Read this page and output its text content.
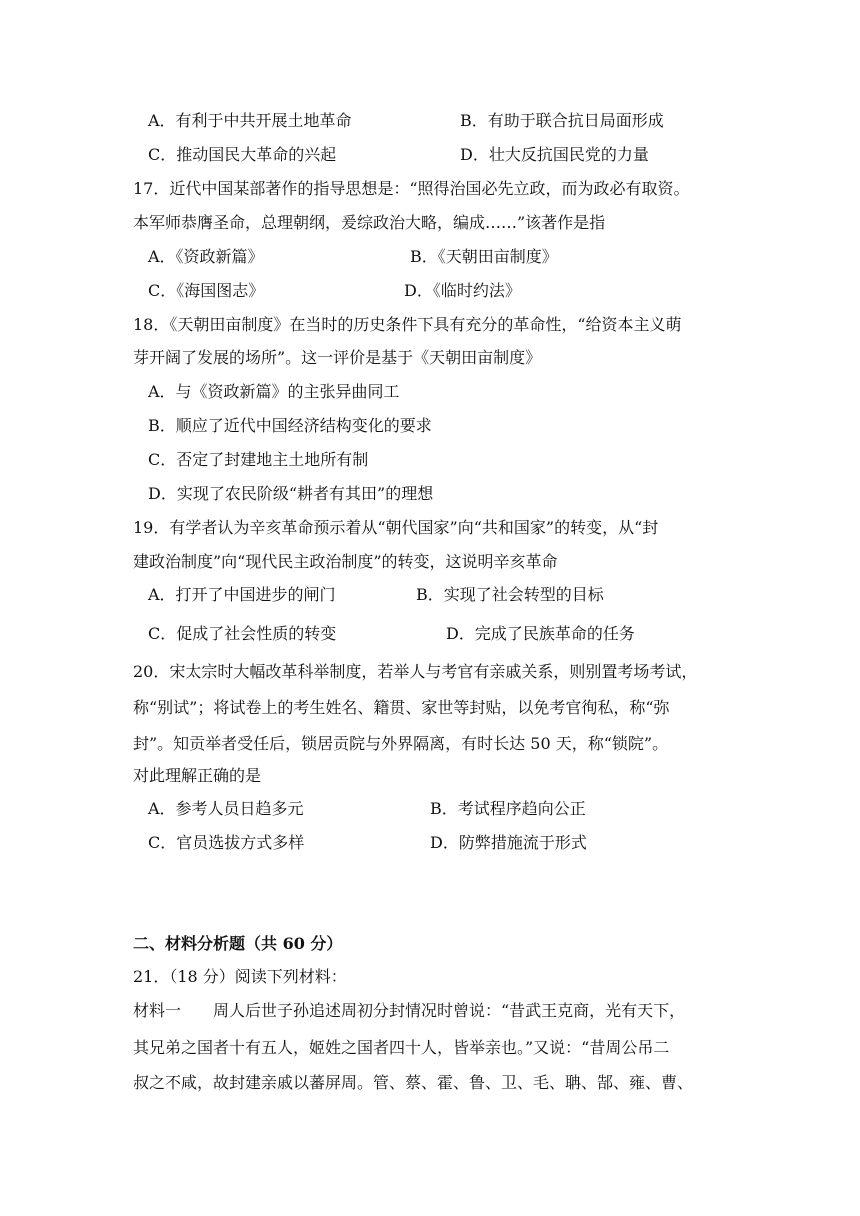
A．有利于中共开展土地革命	B．有助于联合抗日局面形成
C．推动国民大革命的兴起	D．壮大反抗国民党的力量
17．近代中国某部著作的指导思想是：“照得治国必先立政，而为政必有取资。
本军师恭膺圣命，总理朝纲，爰综政治大略，编成……”该著作是指
A．《资政新篇》	B．《天朝田亩制度》
C．《海国图志》	D．《临时约法》
18．《天朝田亩制度》在当时的历史条件下具有充分的革命性，“给资本主义萌
芽开阔了发展的场所”。这一评价是基于《天朝田亩制度》
A．与《资政新篇》的主张异曲同工
B．顺应了近代中国经济结构变化的要求
C．否定了封建地主土地所有制
D．实现了农民阶级“耕者有其田”的理想
19．有学者认为辛亥革命预示着从“朝代国家”向“共和国家”的转变，从“封
建政治制度”向“现代民主政治制度”的转变，这说明辛亥革命
A．打开了中国进步的闸门	B．实现了社会转型的目标
C．促成了社会性质的转变	D．完成了民族革命的任务
20．宋太宗时大幅改革科举制度，若举人与考官有亲戚关系，则别置考场考试，
称“别试”；将试卷上的考生姓名、籍贯、家世等封贴，以免考官徇私，称“弥
封”。知贡举者受任后，锁居贡院与外界隔离，有时长达 50 天，称“锁院”。
对此理解正确的是
A．参考人员日趋多元	B．考试程序趋向公正
C．官员选拔方式多样	D．防弊措施流于形式
二、材料分析题（共 60 分）
21．（18 分）阅读下列材料：
材料一　　周人后世子孙追述周初分封情况时曾说：“昔武王克商，光有天下，
其兄弟之国者十有五人，姬姓之国者四十人，皆举亲也。”又说：“昔周公吊二
叔之不咸，故封建亲戚以蕃屏周。管、蔡、霍、鲁、卫、毛、聃、郜、雍、曹、
